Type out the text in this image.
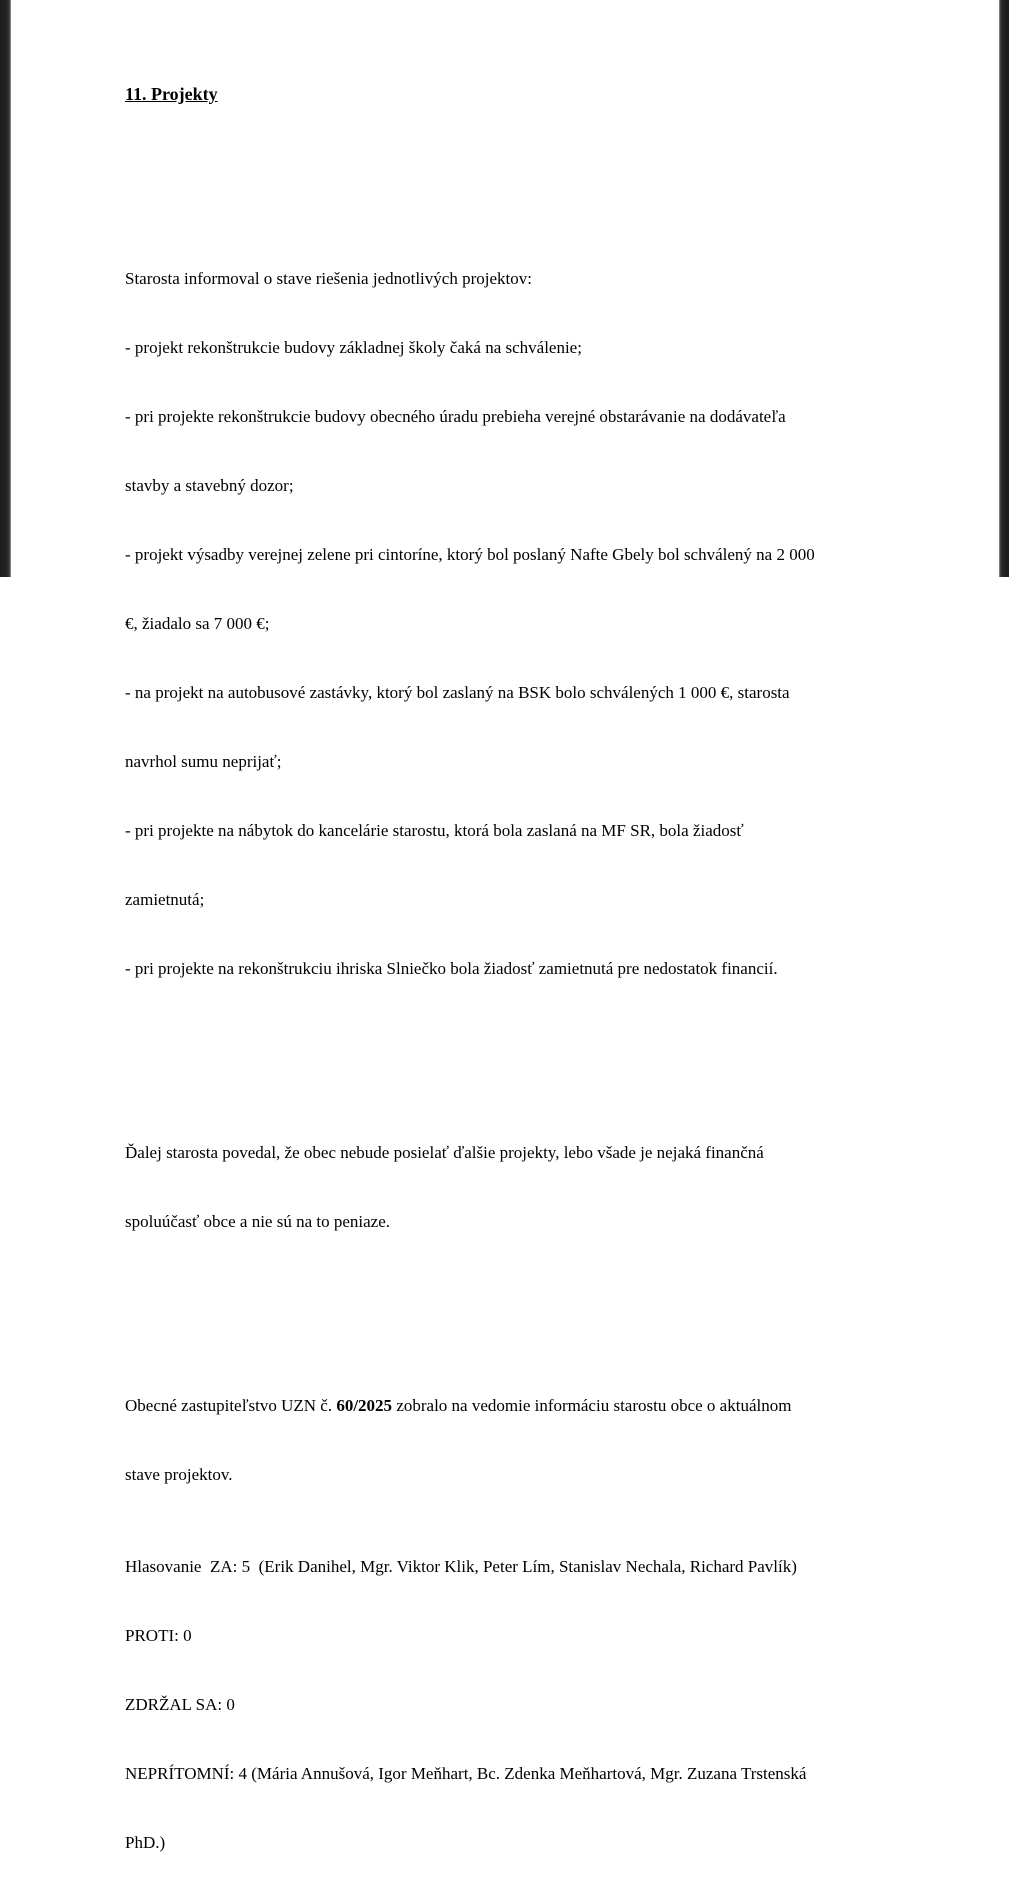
11. Projekty

Starosta informoval o stave riešenia jednotlivých projektov:

- projekt rekonštrukcie budovy základnej školy čaká na schválenie;

- pri projekte rekonštrukcie budovy obecného úradu prebieha verejné obstarávanie na dodávateľa

stavby a stavebný dozor;

- projekt výsadby verejnej zelene pri cintoríne, ktorý bol poslaný Nafte Gbely bol schválený na 2 000

€, žiadalo sa 7 000 €;

- na projekt na autobusové zastávky, ktorý bol zaslaný na BSK bolo schválených 1 000 €, starosta

navrhol sumu neprijať;

- pri projekte na nábytok do kancelárie starostu, ktorá bola zaslaná na MF SR, bola žiadosť

zamietnutá;

- pri projekte na rekonštrukciu ihriska Slniečko bola žiadosť zamietnutá pre nedostatok financií.

Ďalej starosta povedal, že obec nebude posielať ďalšie projekty, lebo všade je nejaká finančná

spoluúčasť obce a nie sú na to peniaze.

Obecné zastupiteľstvo UZN č. 60/2025 zobralo na vedomie informáciu starostu obce o aktuálnom

stave projektov.

Hlasovanie  ZA: 5  (Erik Danihel, Mgr. Viktor Klik, Peter Lím, Stanislav Nechala, Richard Pavlík)

PROTI: 0

ZDRŽAL SA: 0

NEPRÍTOMNÍ: 4 (Mária Annušová, Igor Meňhart, Bc. Zdenka Meňhartová, Mgr. Zuzana Trstenská

PhD.)
